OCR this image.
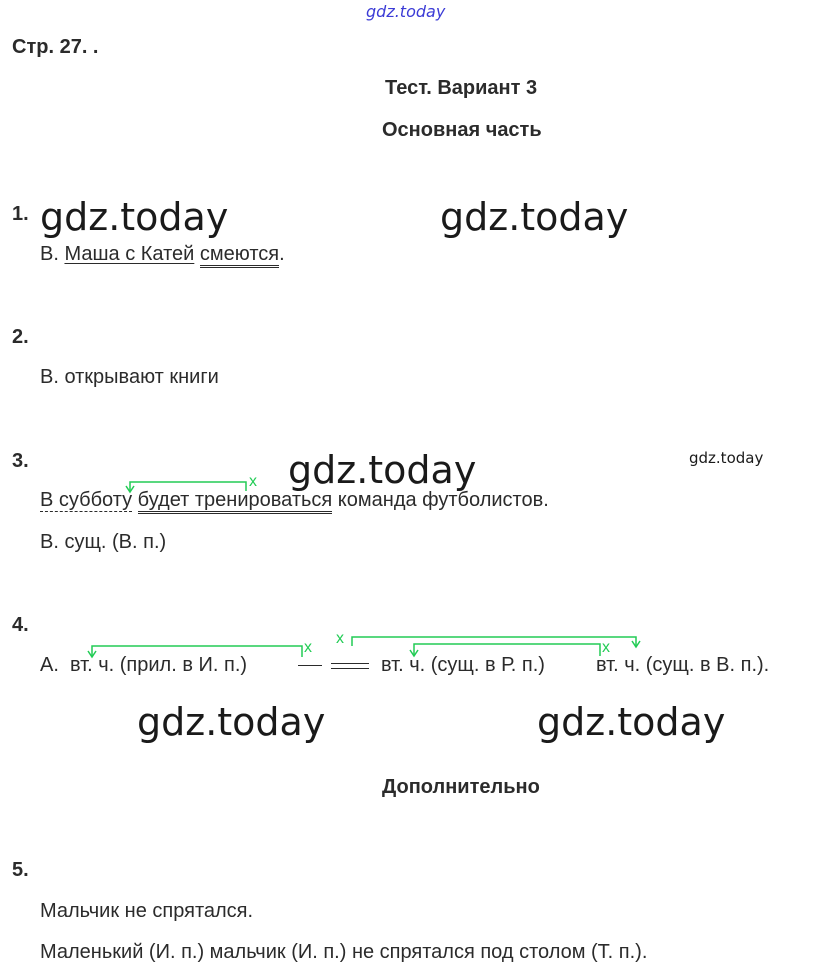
gdz.today
Стр. 27. .
Тест. Вариант 3
Основная часть
1. gdz.today	gdz.today
В. Маша с Катей смеются.
2.
В. открывают книги
3.	gdz.today	gdz.today
В субботу будет тренироваться команда футболистов.
В. сущ. (В. п.)
4.
А. вт. ч. (прил. в И. п.)	вт. ч. (сущ. в Р. п.)	вт. ч. (сущ. в В. п.).
x
x
x
x
gdz.today	gdz.today
Дополнительно
5.
Мальчик не спрятался.
Маленький (И. п.) мальчик (И. п.) не спрятался под столом (Т. п.).
